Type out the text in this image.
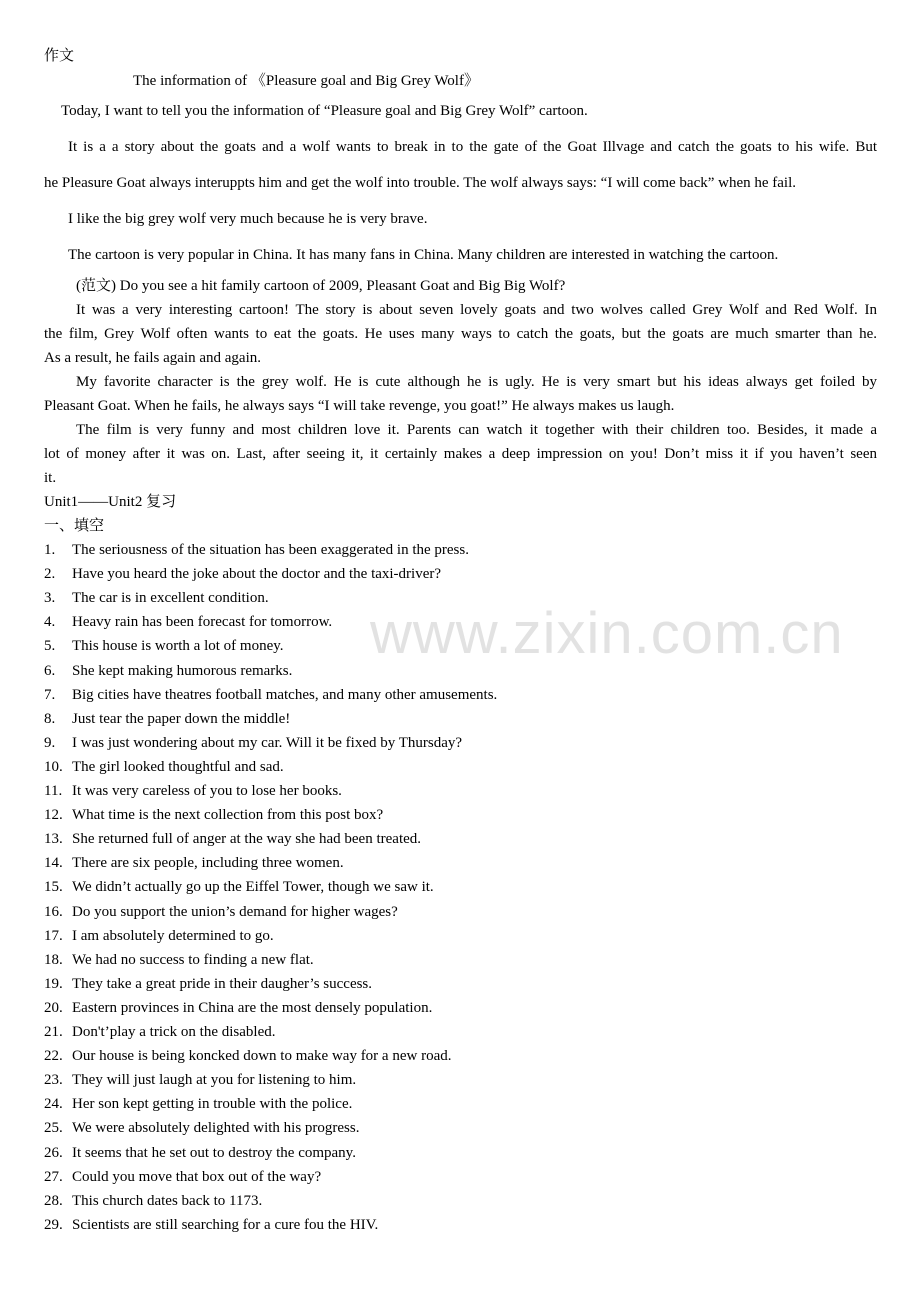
作文
The information of 《Pleasure goal and Big Grey Wolf》
Today, I want to tell you the information of “Pleasure goal and Big Grey Wolf” cartoon.
It is a a story about the goats and a wolf wants to break in to the gate of the Goat Illvage and catch the goats to his wife. But
he Pleasure Goat always interuppts him and get the wolf into trouble. The wolf always says: “I will come back” when he fail.
I like the big grey wolf very much because he is very brave.
The cartoon is very popular in China. It has many fans in China. Many children are interested in watching the cartoon.
(范文) Do you see a hit family cartoon of 2009, Pleasant Goat and Big Big Wolf?
It was a very interesting cartoon! The story is about seven lovely goats and two wolves called Grey Wolf and Red Wolf. In
the film, Grey Wolf often wants to eat the goats. He uses many ways to catch the goats, but the goats are much smarter than he.
As a result, he fails again and again.
My favorite character is the grey wolf. He is cute although he is ugly. He is very smart but his ideas always get foiled by
Pleasant Goat. When he fails, he always says “I will take revenge, you goat!” He always makes us laugh.
The film is very funny and most children love it. Parents can watch it together with their children too. Besides, it made a
lot of money after it was on. Last, after seeing it, it certainly makes a deep impression on you! Don’t miss it if you haven’t seen
it.
Unit1——Unit2 复习
一、填空
1. The seriousness of the situation has been exaggerated in the press.
2. Have you heard the joke about the doctor and the taxi-driver?
3. The car is in excellent condition.
4. Heavy rain has been forecast for tomorrow.
5. This house is worth a lot of money.
6. She kept making humorous remarks.
7. Big cities have theatres football matches, and many other amusements.
8. Just tear the paper down the middle!
9. I was just wondering about my car. Will it be fixed by Thursday?
10. The girl looked thoughtful and sad.
11. It was very careless of you to lose her books.
12. What time is the next collection from this post box?
13. She returned full of anger at the way she had been treated.
14. There are six people, including three women.
15. We didn’t actually go up the Eiffel Tower, though we saw it.
16. Do you support the union’s demand for higher wages?
17. I am absolutely determined to go.
18. We had no success to finding a new flat.
19. They take a great pride in their daugher’s success.
20. Eastern provinces in China are the most densely population.
21. Don't’play a trick on the disabled.
22. Our house is being koncked down to make way for a new road.
23. They will just laugh at you for listening to him.
24. Her son kept getting in trouble with the police.
25. We were absolutely delighted with his progress.
26. It seems that he set out to destroy the company.
27. Could you move that box out of the way?
28. This church dates back to 1173.
29. Scientists are still searching for a cure fou the HIV.
www.zixin.com.cn
